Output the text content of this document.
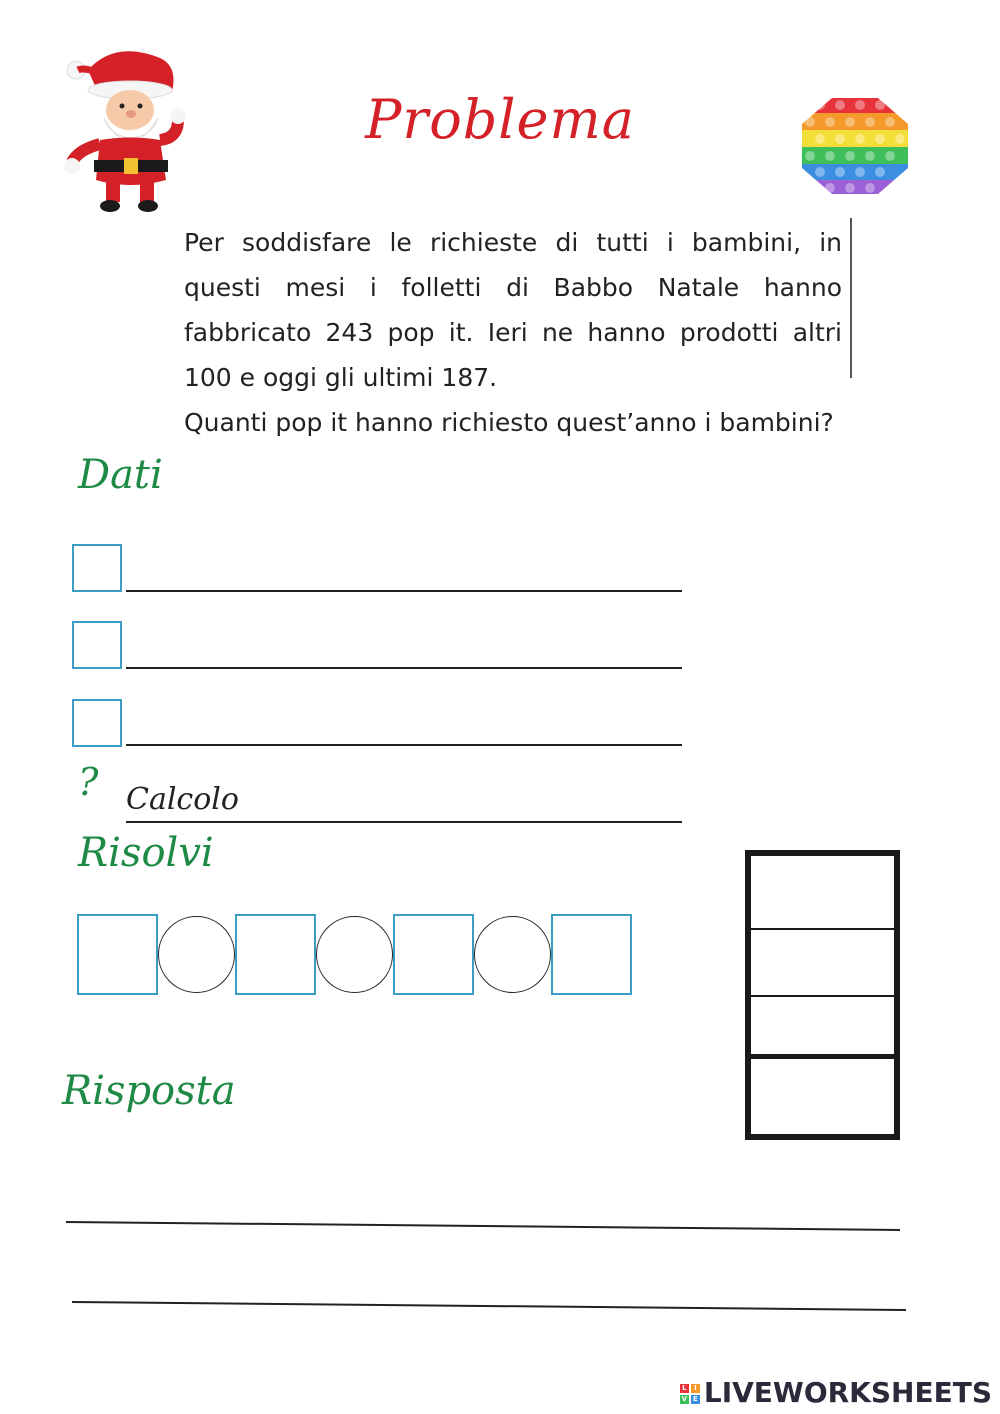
Problema

Per soddisfare le richieste di tutti i bambini, in questi mesi i folletti di Babbo Natale hanno fabbricato 243 pop it. Ieri ne hanno prodotti altri 100 e oggi gli ultimi 187.

Quanti pop it hanno richiesto quest’anno i bambini?

Dati
? Calcolo
Risolvi
Risposta
L	I
V E LIVEWORKSHEETS
